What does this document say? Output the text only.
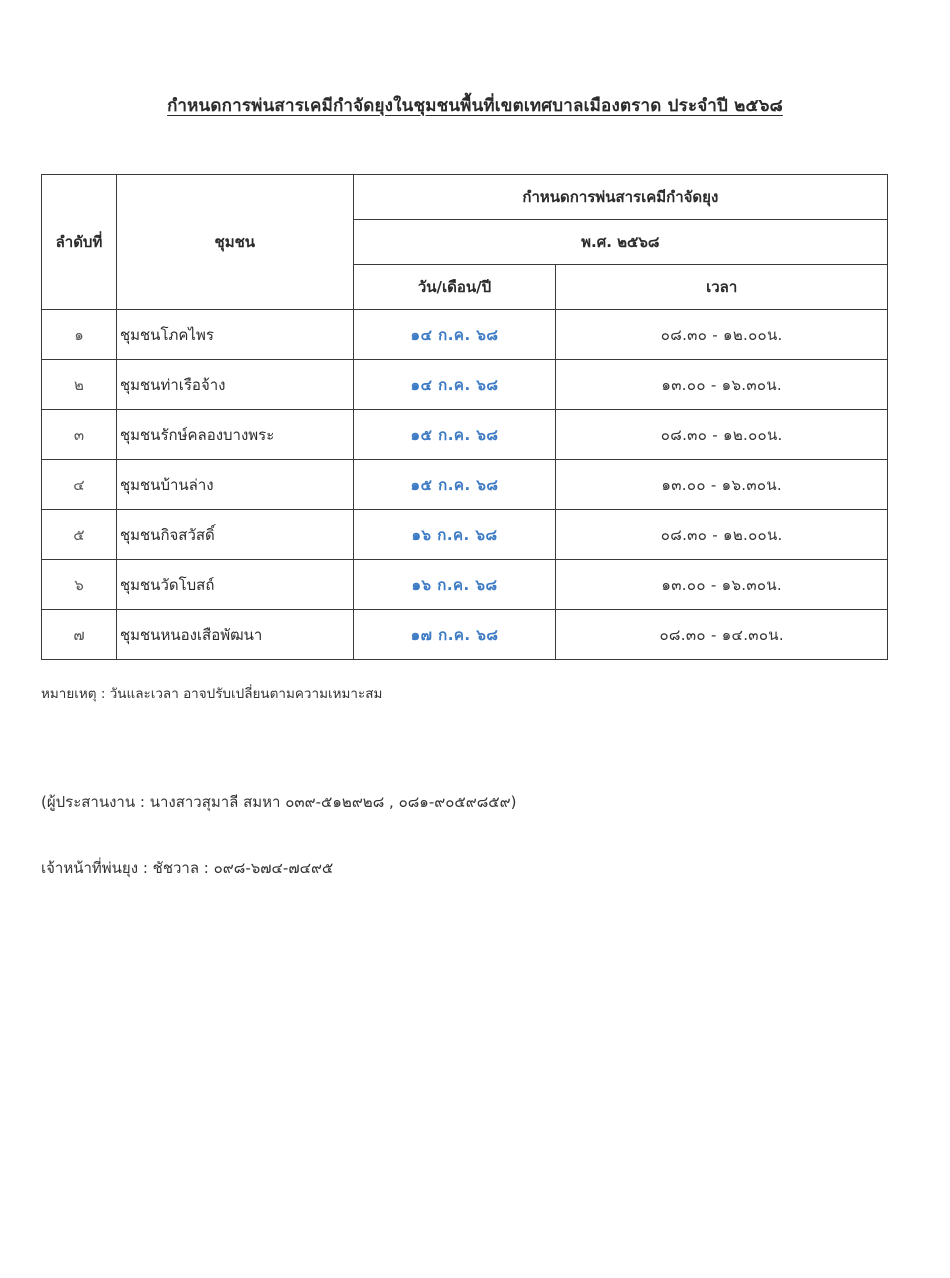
กำหนดการพ่นสารเคมีกำจัดยุงในชุมชนพื้นที่เขตเทศบาลเมืองตราด ประจำปี ๒๕๖๘
ลำดับที่	ชุมชน	กำหนดการพ่นสารเคมีกำจัดยุง	
		พ.ศ. ๒๕๖๘	
		วัน/เดือน/ปี	เวลา
๑	ชุมชนโภคไพร	๑๔ ก.ค. ๖๘	๐๘.๓๐ - ๑๒.๐๐น.
๒	ชุมชนท่าเรือจ้าง	๑๔ ก.ค. ๖๘	๑๓.๐๐ - ๑๖.๓๐น.
๓	ชุมชนรักษ์คลองบางพระ	๑๕ ก.ค. ๖๘	๐๘.๓๐ - ๑๒.๐๐น.
๔	ชุมชนบ้านล่าง	๑๕ ก.ค. ๖๘	๑๓.๐๐ - ๑๖.๓๐น.
๕	ชุมชนกิจสวัสดิ์	๑๖ ก.ค. ๖๘	๐๘.๓๐ - ๑๒.๐๐น.
๖	ชุมชนวัดโบสถ์	๑๖ ก.ค. ๖๘	๑๓.๐๐ - ๑๖.๓๐น.
๗	ชุมชนหนองเสือพัฒนา	๑๗ ก.ค. ๖๘	๐๘.๓๐ - ๑๔.๓๐น.
หมายเหตุ : วันและเวลา อาจปรับเปลี่ยนตามความเหมาะสม
(ผู้ประสานงาน : นางสาวสุมาลี สมหา ๐๓๙-๕๑๒๙๒๘ , ๐๘๑-๙๐๕๙๘๕๙)
เจ้าหน้าที่พ่นยุง : ชัชวาล : ๐๙๘-๖๗๔-๗๔๙๕
